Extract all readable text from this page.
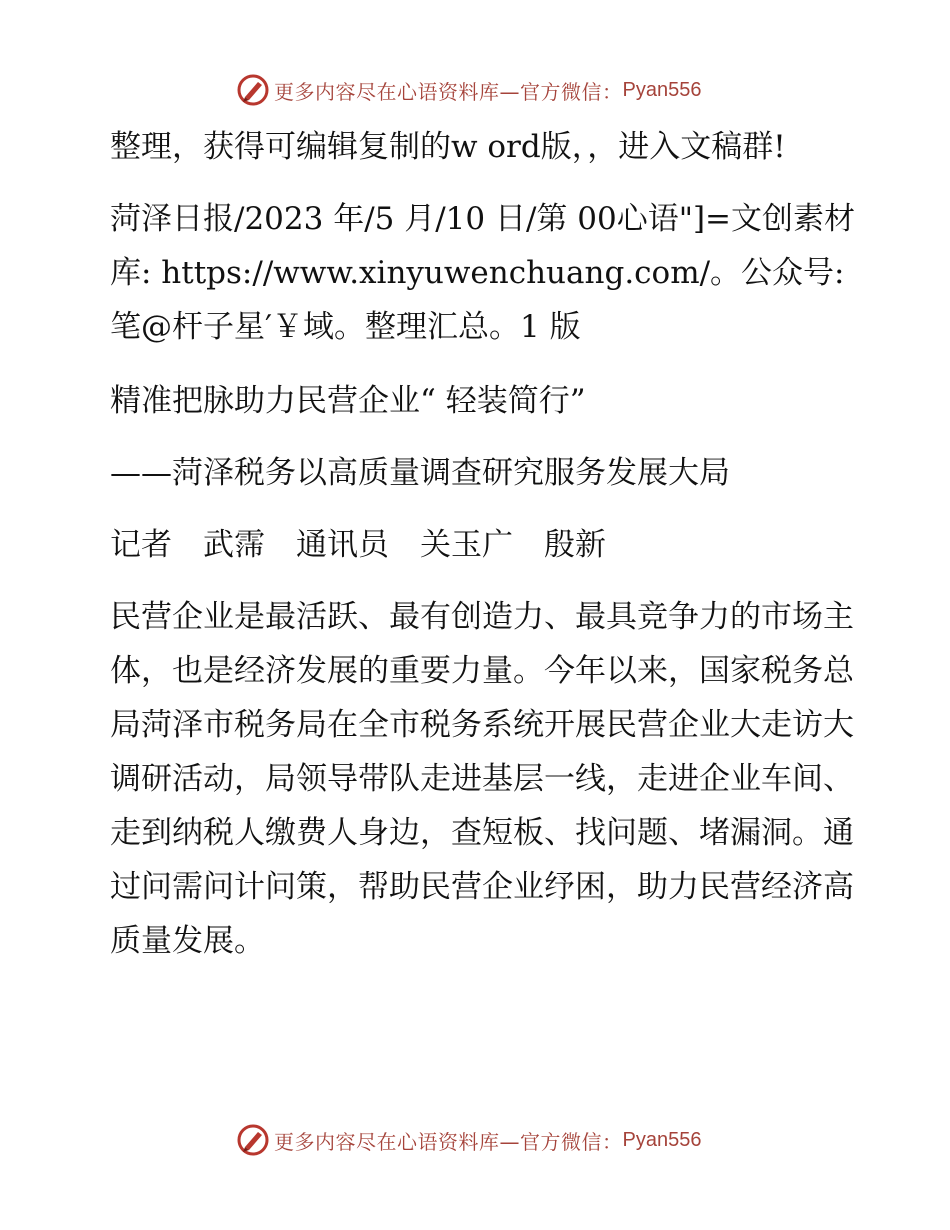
更多内容尽在心语资料库—官方微信： Pyan556

整理，获得可编辑复制的w ord版，，进入文稿群!

菏泽日报/2023 年/5 月/10 日/第 00心语"]=文创素材库: https://www.xinyuwenchuang.com/。公众号: 笔@杆子星′￥域。整理汇总。1 版

精准把脉助力民营企业“ 轻装简行”

——菏泽税务以高质量调查研究服务发展大局

记者　武霈　通讯员　关玉广　殷新

民营企业是最活跃、最有创造力、最具竞争力的市场主体，也是经济发展的重要力量。今年以来，国家税务总局菏泽市税务局在全市税务系统开展民营企业大走访大调研活动，局领导带队走进基层一线，走进企业车间、走到纳税人缴费人身边，查短板、找问题、堵漏洞。通过问需问计问策，帮助民营企业纾困，助力民营经济高质量发展。

更多内容尽在心语资料库—官方微信： Pyan556
